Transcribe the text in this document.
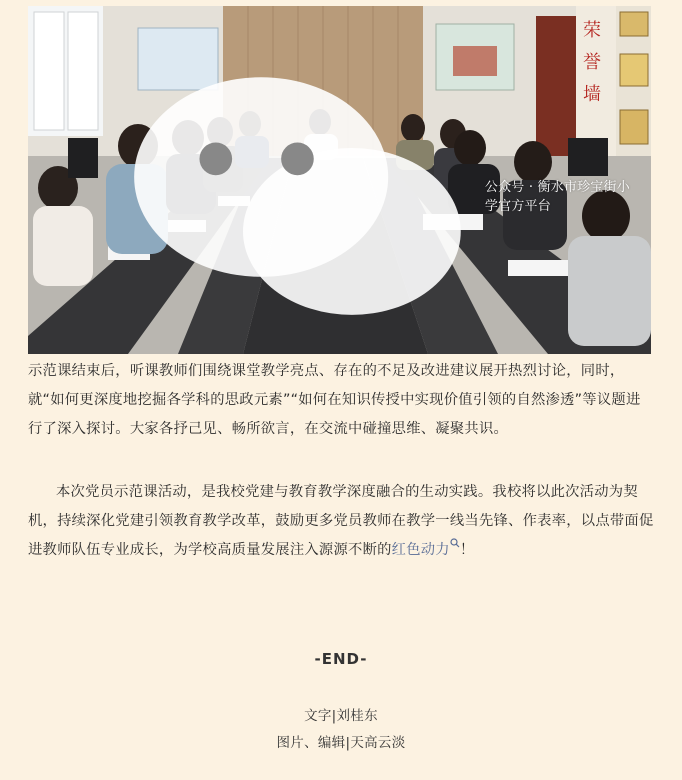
荣
誉
墙
公众号 · 衡水市珍宝街小学官方平台

示范课结束后，听课教师们围绕课堂教学亮点、存在的不足及改进建议展开热烈讨论，同时，就“如何更深度地挖掘各学科的思政元素”“如何在知识传授中实现价值引领的自然渗透”等议题进行了深入探讨。大家各抒己见、畅所欲言，在交流中碰撞思维、凝聚共识。

本次党员示范课活动，是我校党建与教育教学深度融合的生动实践。我校将以此次活动为契机，持续深化党建引领教育教学改革，鼓励更多党员教师在教学一线当先锋、作表率，以点带面促进教师队伍专业成长，为学校高质量发展注入源源不断的红色动力 ！

-END-
文字|刘桂东
图片、编辑|天高云淡
